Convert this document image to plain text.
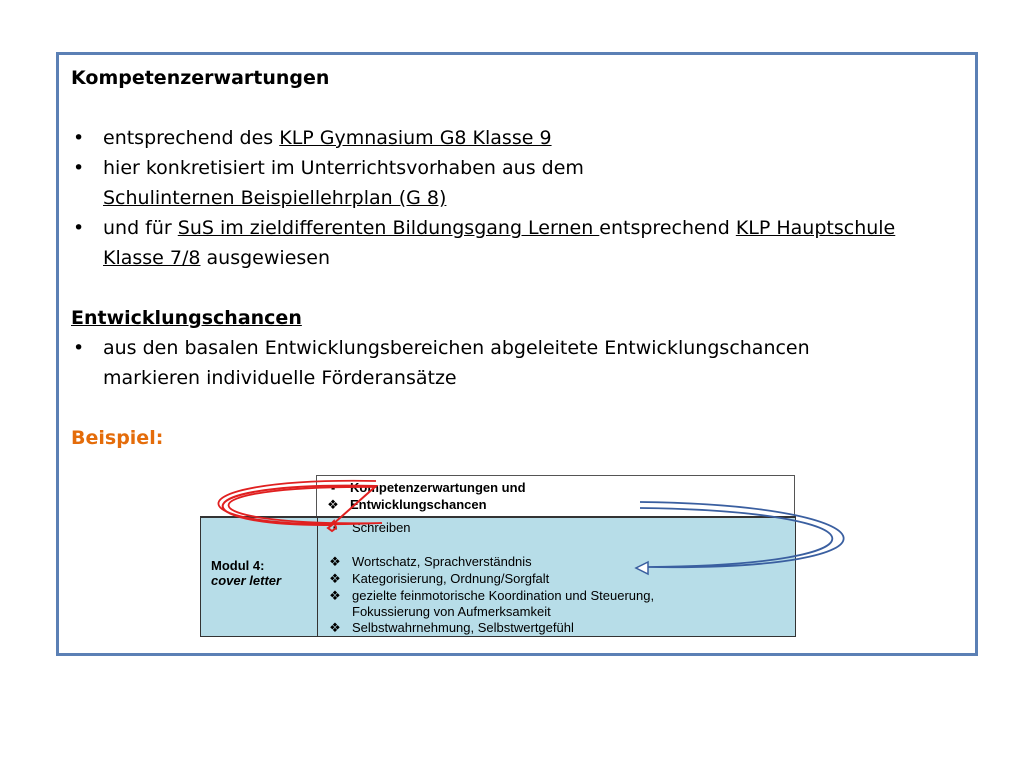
Kompetenzerwartungen
• entsprechend des KLP Gymnasium G8 Klasse 9
• hier konkretisiert im Unterrichtsvorhaben aus dem
Schulinternen Beispiellehrplan (G 8)
• und für SuS im zieldifferenten Bildungsgang Lernen entsprechend KLP Hauptschule
Klasse 7/8 ausgewiesen
Entwicklungschancen
• aus den basalen Entwicklungsbereichen abgeleitete Entwicklungschancen
markieren individuelle Förderansätze
Beispiel:
▪ Kompetenzerwartungen und
❖ Entwicklungschancen
Modul 4:
cover letter
▪ Schreiben
❖ Wortschatz, Sprachverständnis
❖ Kategorisierung, Ordnung/Sorgfalt
❖ gezielte feinmotorische Koordination und Steuerung,
Fokussierung von Aufmerksamkeit
❖ Selbstwahrnehmung, Selbstwertgefühl
